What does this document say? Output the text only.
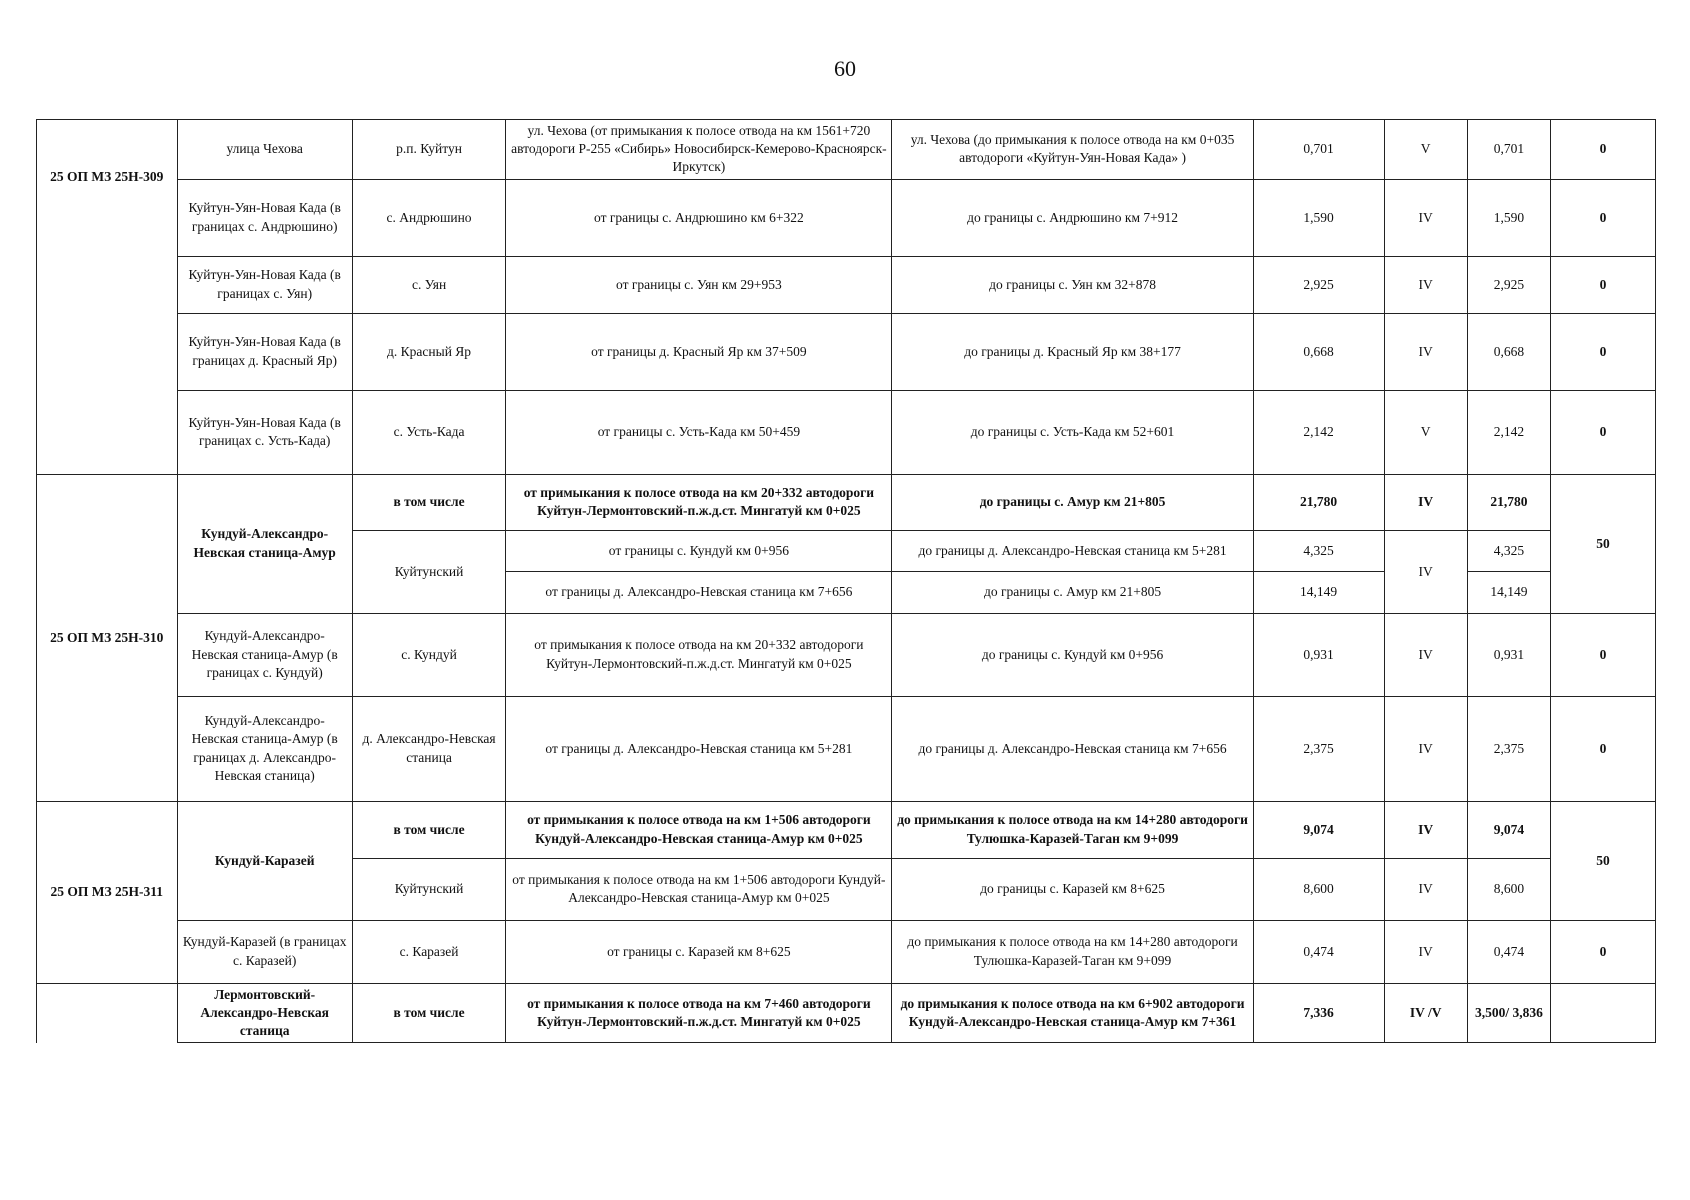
60
25 ОП МЗ 25Н-309	улица Чехова	р.п. Куйтун	ул. Чехова (от примыкания к полосе отвода на км 1561+720 автодороги Р-255 «Сибирь» Новосибирск-Кемерово-Красноярск-Иркутск)	ул. Чехова (до примыкания к полосе отвода на км 0+035 автодороги «Куйтун-Уян-Новая Када» )	0,701	V	0,701	0
	Куйтун-Уян-Новая Када (в границах с. Андрюшино)	с. Андрюшино	от границы с. Андрюшино км 6+322	до границы с. Андрюшино км 7+912	1,590	IV	1,590	0
	Куйтун-Уян-Новая Када (в границах с. Уян)	с. Уян	от границы с. Уян км 29+953	до границы с. Уян км 32+878	2,925	IV	2,925	0
	Куйтун-Уян-Новая Када (в границах д. Красный Яр)	д. Красный Яр	от границы д. Красный Яр км 37+509	до границы д. Красный Яр км 38+177	0,668	IV	0,668	0
	Куйтун-Уян-Новая Када (в границах с. Усть-Када)	с. Усть-Када	от границы с. Усть-Када км 50+459	до границы с. Усть-Када км 52+601	2,142	V	2,142	0
25 ОП МЗ 25Н-310	Кундуй-Александро-Невская станица-Амур	в том числе	от примыкания к полосе отвода на км 20+332 автодороги Куйтун-Лермонтовский-п.ж.д.ст. Мингатуй км 0+025	до границы с. Амур км 21+805	21,780	IV	21,780	50
		Куйтунский	от границы с. Кундуй км 0+956	до границы д. Александро-Невская станица км 5+281	4,325	IV	4,325	
			от границы д. Александро-Невская станица км 7+656	до границы с. Амур км 21+805	14,149		14,149	
	Кундуй-Александро-Невская станица-Амур (в границах с. Кундуй)	с. Кундуй	от примыкания к полосе отвода на км 20+332 автодороги Куйтун-Лермонтовский-п.ж.д.ст. Мингатуй км 0+025	до границы с. Кундуй км 0+956	0,931	IV	0,931	0
	Кундуй-Александро-Невская станица-Амур (в границах д. Александро-Невская станица)	д. Александро-Невская станица	от границы д. Александро-Невская станица км 5+281	до границы д. Александро-Невская станица км 7+656	2,375	IV	2,375	0
25 ОП МЗ 25Н-311	Кундуй-Каразей	в том числе	от примыкания к полосе отвода на км 1+506 автодороги Кундуй-Александро-Невская станица-Амур км 0+025	до примыкания к полосе отвода на км 14+280 автодороги Тулюшка-Каразей-Таган км 9+099	9,074	IV	9,074	50
		Куйтунский	от примыкания к полосе отвода на км 1+506 автодороги Кундуй-Александро-Невская станица-Амур км 0+025	до границы с. Каразей км 8+625	8,600	IV	8,600	
	Кундуй-Каразей (в границах с. Каразей)	с. Каразей	от границы с. Каразей км 8+625	до примыкания к полосе отвода на км 14+280 автодороги Тулюшка-Каразей-Таган км 9+099	0,474	IV	0,474	0
	Лермонтовский-Александро-Невская станица	в том числе	от примыкания к полосе отвода на км 7+460 автодороги Куйтун-Лермонтовский-п.ж.д.ст. Мингатуй км 0+025	до примыкания к полосе отвода на км 6+902 автодороги Кундуй-Александро-Невская станица-Амур км 7+361	7,336	IV /V	3,500/ 3,836	
